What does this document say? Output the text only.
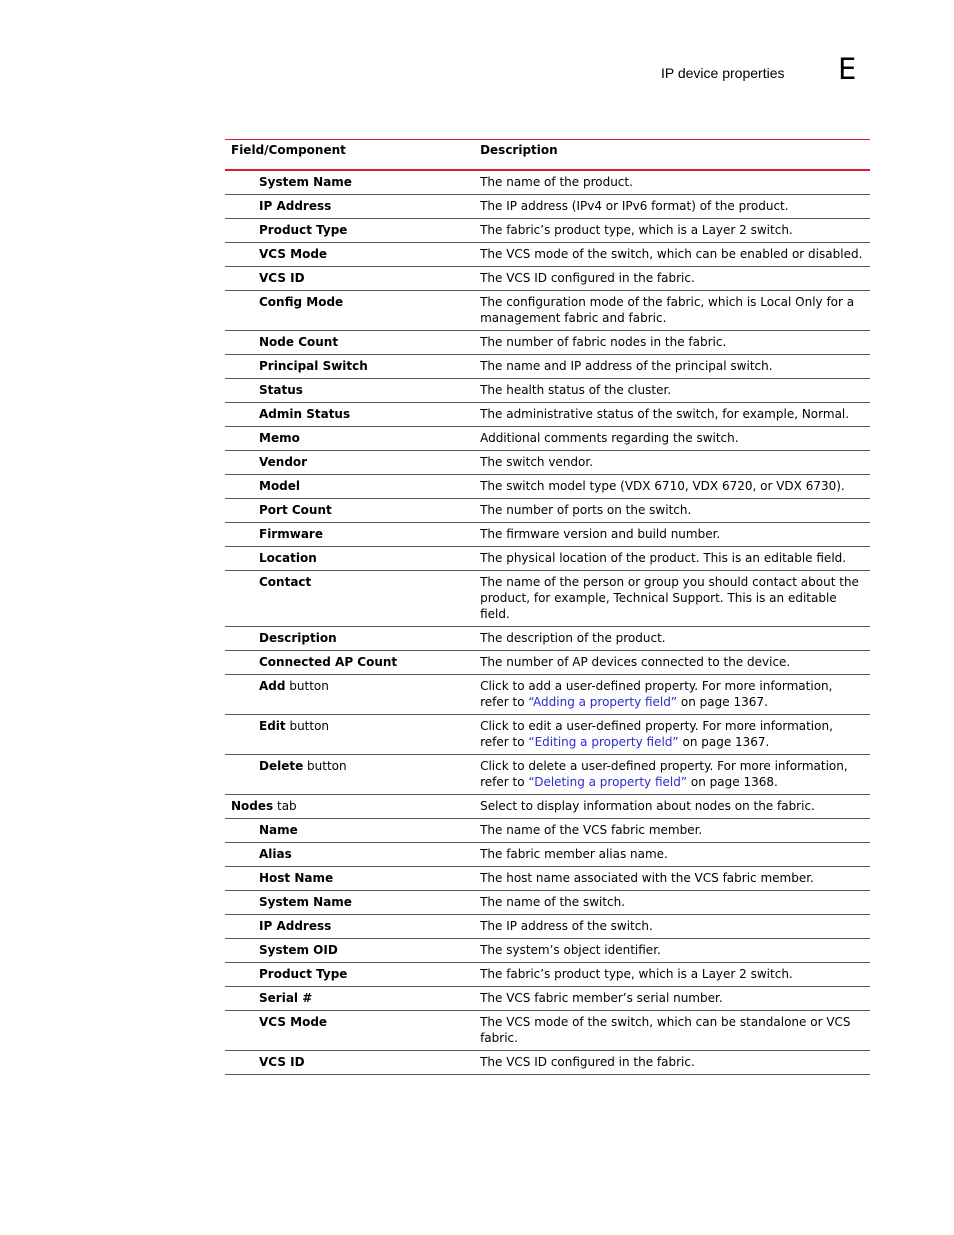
IP device properties E
Field/Component	Description
System Name	The name of the product.
IP Address	The IP address (IPv4 or IPv6 format) of the product.
Product Type	The fabric’s product type, which is a Layer 2 switch.
VCS Mode	The VCS mode of the switch, which can be enabled or disabled.
VCS ID	The VCS ID configured in the fabric.
Config Mode	The configuration mode of the fabric, which is Local Only for a management fabric and fabric.
Node Count	The number of fabric nodes in the fabric.
Principal Switch	The name and IP address of the principal switch.
Status	The health status of the cluster.
Admin Status	The administrative status of the switch, for example, Normal.
Memo	Additional comments regarding the switch.
Vendor	The switch vendor.
Model	The switch model type (VDX 6710, VDX 6720, or VDX 6730).
Port Count	The number of ports on the switch.
Firmware	The firmware version and build number.
Location	The physical location of the product. This is an editable field.
Contact	The name of the person or group you should contact about the product, for example, Technical Support. This is an editable field.
Description	The description of the product.
Connected AP Count	The number of AP devices connected to the device.
Add button	Click to add a user-defined property. For more information, refer to “Adding a property field” on page 1367.
Edit button	Click to edit a user-defined property. For more information, refer to “Editing a property field” on page 1367.
Delete button	Click to delete a user-defined property. For more information, refer to “Deleting a property field” on page 1368.
Nodes tab	Select to display information about nodes on the fabric.
Name	The name of the VCS fabric member.
Alias	The fabric member alias name.
Host Name	The host name associated with the VCS fabric member.
System Name	The name of the switch.
IP Address	The IP address of the switch.
System OID	The system’s object identifier.
Product Type	The fabric’s product type, which is a Layer 2 switch.
Serial #	The VCS fabric member’s serial number.
VCS Mode	The VCS mode of the switch, which can be standalone or VCS fabric.
VCS ID	The VCS ID configured in the fabric.
